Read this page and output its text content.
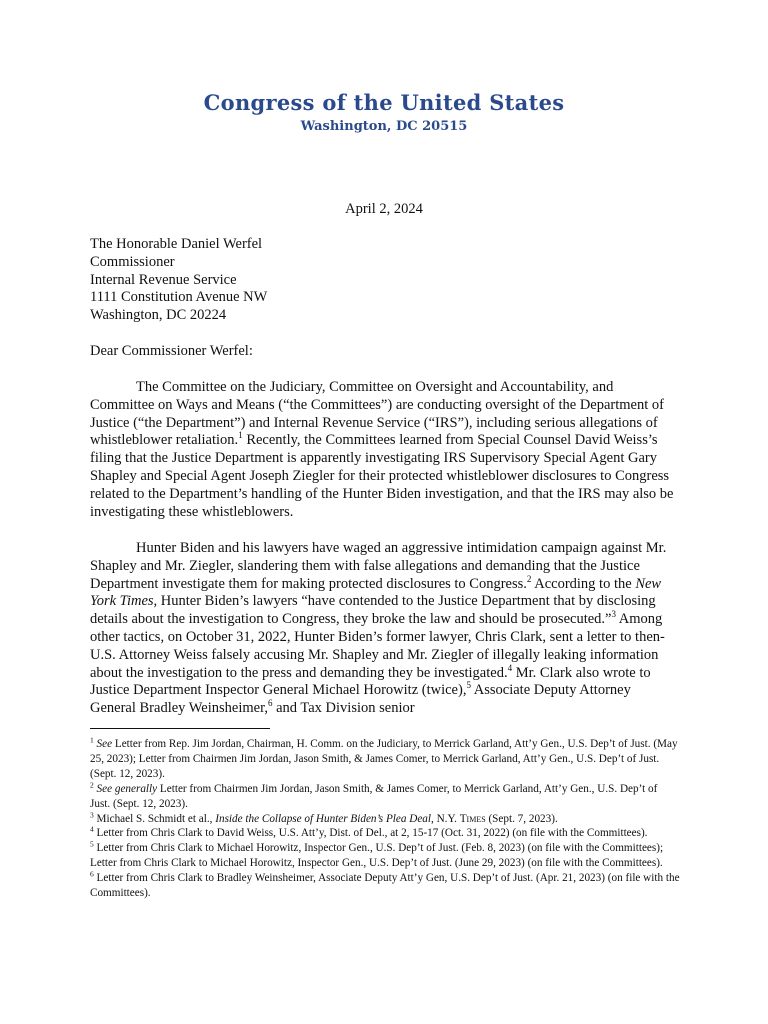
Congress of the United States
Washington, DC 20515
April 2, 2024
The Honorable Daniel Werfel
Commissioner
Internal Revenue Service
1111 Constitution Avenue NW
Washington, DC 20224
Dear Commissioner Werfel:

The Committee on the Judiciary, Committee on Oversight and Accountability, and Committee on Ways and Means (“the Committees”) are conducting oversight of the Department of Justice (“the Department”) and Internal Revenue Service (“IRS”), including serious allegations of whistleblower retaliation.$^1$ Recently, the Committees learned from Special Counsel David Weiss’s filing that the Justice Department is apparently investigating IRS Supervisory Special Agent Gary Shapley and Special Agent Joseph Ziegler for their protected whistleblower disclosures to Congress related to the Department’s handling of the Hunter Biden investigation, and that the IRS may also be investigating these whistleblowers.

Hunter Biden and his lawyers have waged an aggressive intimidation campaign against Mr. Shapley and Mr. Ziegler, slandering them with false allegations and demanding that the Justice Department investigate them for making protected disclosures to Congress.$^2$ According to the New York Times, Hunter Biden’s lawyers “have contended to the Justice Department that by disclosing details about the investigation to Congress, they broke the law and should be prosecuted.”$^3$ Among other tactics, on October 31, 2022, Hunter Biden’s former lawyer, Chris Clark, sent a letter to then-U.S. Attorney Weiss falsely accusing Mr. Shapley and Mr. Ziegler of illegally leaking information about the investigation to the press and demanding they be investigated.$^4$ Mr. Clark also wrote to Justice Department Inspector General Michael Horowitz (twice),$^5$ Associate Deputy Attorney General Bradley Weinsheimer,$^6$ and Tax Division senior

$^1$ See Letter from Rep. Jim Jordan, Chairman, H. Comm. on the Judiciary, to Merrick Garland, Att’y Gen., U.S. Dep’t of Just. (May 25, 2023); Letter from Chairmen Jim Jordan, Jason Smith, & James Comer, to Merrick Garland, Att’y Gen., U.S. Dep’t of Just. (Sept. 12, 2023).

$^2$ See generally Letter from Chairmen Jim Jordan, Jason Smith, & James Comer, to Merrick Garland, Att’y Gen., U.S. Dep’t of Just. (Sept. 12, 2023).

$^3$ Michael S. Schmidt et al., Inside the Collapse of Hunter Biden’s Plea Deal, N.Y. Times (Sept. 7, 2023).

$^4$ Letter from Chris Clark to David Weiss, U.S. Att’y, Dist. of Del., at 2, 15-17 (Oct. 31, 2022) (on file with the Committees).

$^5$ Letter from Chris Clark to Michael Horowitz, Inspector Gen., U.S. Dep’t of Just. (Feb. 8, 2023) (on file with the Committees); Letter from Chris Clark to Michael Horowitz, Inspector Gen., U.S. Dep’t of Just. (June 29, 2023) (on file with the Committees).

$^6$ Letter from Chris Clark to Bradley Weinsheimer, Associate Deputy Att’y Gen, U.S. Dep’t of Just. (Apr. 21, 2023) (on file with the Committees).
